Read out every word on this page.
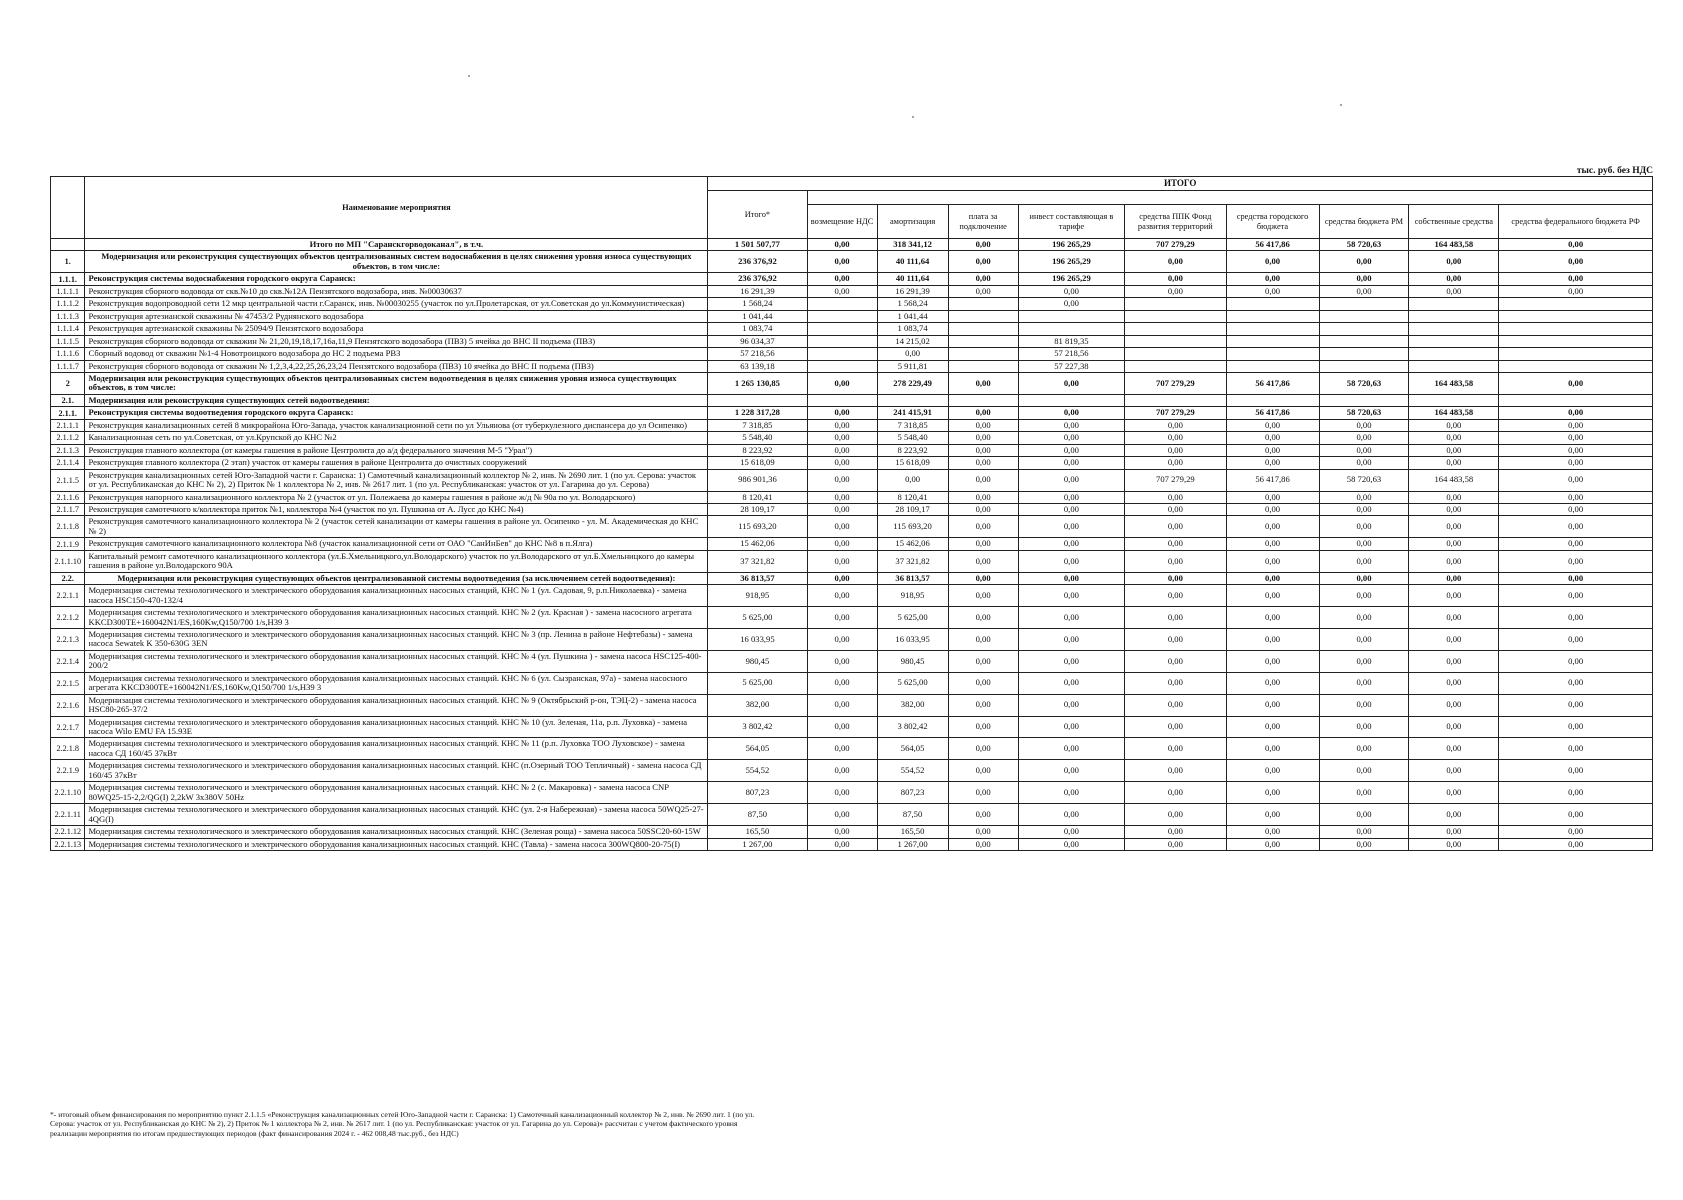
тыс. руб. без НДС
	Наименование мероприятия	ИТОГО									
		Итого*									
			возмещение НДС	амортизация	плата за подключение	инвест составляющая в тарифе	средства ППК Фонд развития территорий	средства городского бюджета	средства бюджета РМ	собственные средства	средства федерального бюджета РФ
	Итого по МП "Саранскгорводоканал", в т.ч.	1 501 507,77	0,00	318 341,12	0,00	196 265,29	707 279,29	56 417,86	58 720,63	164 483,58	0,00
1.	Модернизация или реконструкция существующих объектов централизованных систем водоснабжения в целях снижения уровня износа существующих объектов, в том числе:	236 376,92	0,00	40 111,64	0,00	196 265,29	0,00	0,00	0,00	0,00	0,00
1.1.1.	Реконструкция системы водоснабжения городского округа Саранск:	236 376,92	0,00	40 111,64	0,00	196 265,29	0,00	0,00	0,00	0,00	0,00
1.1.1.1	Реконструкция сборного водовода от скв.№10 до скв.№12А Пензятского водозабора, инв. №00030637	16 291,39	0,00	16 291,39	0,00	0,00	0,00	0,00	0,00	0,00	0,00
1.1.1.2	Реконструкция водопроводной сети 12 мкр центральной части г.Саранск, инв. №00030255 (участок по ул.Пролетарская, от ул.Советская до ул.Коммунистическая)	1 568,24		1 568,24		0,00					
1.1.1.3	Реконструкция артезианской скважины № 47453/2 Руднянского водозабора	1 041,44		1 041,44							
1.1.1.4	Реконструкция артезианской скважины № 25094/9 Пензятского водозабора	1 083,74		1 083,74							
1.1.1.5	Реконструкция сборного водовода от скважин № 21,20,19,18,17,16а,11,9 Пензятского водозабора (ПВЗ) 5 ячейка до ВНС II подъема (ПВЗ)	96 034,37		14 215,02		81 819,35					
1.1.1.6	Сборный водовод от скважин №1-4 Новотроицкого водозабора до НС 2 подъема РВЗ	57 218,56		0,00		57 218,56					
1.1.1.7	Реконструкция сборного водовода от скважин № 1,2,3,4,22,25,26,23,24 Пензятского водозабора (ПВЗ) 10 ячейка до ВНС II подъема (ПВЗ)	63 139,18		5 911,81		57 227,38					
2	Модернизация или реконструкция существующих объектов централизованных систем водоотведения в целях снижения уровня износа существующих объектов, в том числе:	1 265 130,85	0,00	278 229,49	0,00	0,00	707 279,29	56 417,86	58 720,63	164 483,58	0,00
2.1.	Модернизация или реконструкция существующих сетей водоотведения:										
2.1.1.	Реконструкция системы водоотведения городского округа Саранск:	1 228 317,28	0,00	241 415,91	0,00	0,00	707 279,29	56 417,86	58 720,63	164 483,58	0,00
2.1.1.1	Реконструкция канализационных сетей 8 микрорайона Юго-Запада, участок канализационной сети по ул Ульянова (от туберкулезного диспансера до ул Осипенко)	7 318,85	0,00	7 318,85	0,00	0,00	0,00	0,00	0,00	0,00	0,00
2.1.1.2	Канализационная сеть по ул.Советская, от ул.Крупской до КНС №2	5 548,40	0,00	5 548,40	0,00	0,00	0,00	0,00	0,00	0,00	0,00
2.1.1.3	Реконструкция главного коллектора (от камеры гашения в районе Центролита до а/д федерального значения М-5 "Урал")	8 223,92	0,00	8 223,92	0,00	0,00	0,00	0,00	0,00	0,00	0,00
2.1.1.4	Реконструкция главного коллектора (2 этап) участок от камеры гашения в районе Центролита до очистных сооружений	15 618,09	0,00	15 618,09	0,00	0,00	0,00	0,00	0,00	0,00	0,00
2.1.1.5	Реконструкция канализационных сетей Юго-Западной части г. Саранска: 1) Самотечный канализационный коллектор № 2, инв. № 2690 лит. 1 (по ул. Серова: участок от ул. Республиканская до КНС № 2), 2) Приток № 1 коллектора № 2, инв. № 2617 лит. 1 (по ул. Республиканская: участок от ул. Гагарина до ул. Серова)	986 901,36	0,00	0,00	0,00	0,00	707 279,29	56 417,86	58 720,63	164 483,58	0,00
2.1.1.6	Реконструкция напорного канализационного коллектора № 2 (участок от ул. Полежаева до камеры гашения в районе ж/д № 90а по ул. Володарского)	8 120,41	0,00	8 120,41	0,00	0,00	0,00	0,00	0,00	0,00	0,00
2.1.1.7	Реконструкция самотечного к/коллектора приток №1, коллектора №4 (участок по ул. Пушкина от А. Лусс до КНС №4)	28 109,17	0,00	28 109,17	0,00	0,00	0,00	0,00	0,00	0,00	0,00
2.1.1.8	Реконструкция самотечного канализационного коллектора № 2 (участок сетей канализации от камеры гашения в районе ул. Осипенко - ул. М. Академическая до КНС № 2)	115 693,20	0,00	115 693,20	0,00	0,00	0,00	0,00	0,00	0,00	0,00
2.1.1.9	Реконструкция самотечного канализационного коллектора №8 (участок канализационной сети от ОАО "СанИнБев" до КНС №8 в п.Ялга)	15 462,06	0,00	15 462,06	0,00	0,00	0,00	0,00	0,00	0,00	0,00
2.1.1.10	Капитальный ремонт самотечного канализационного коллектора (ул.Б.Хмельницкого,ул.Володарского) участок по ул.Володарского от ул.Б.Хмельницкого до камеры гашения в районе ул.Володарского 90А	37 321,82	0,00	37 321,82	0,00	0,00	0,00	0,00	0,00	0,00	0,00
2.2.	Модернизация или реконструкция существующих объектов централизованной системы водоотведения (за исключением сетей водоотведения):	36 813,57	0,00	36 813,57	0,00	0,00	0,00	0,00	0,00	0,00	0,00
2.2.1.1	Модернизация системы технологического и электрического оборудования канализационных насосных станций, КНС № 1 (ул. Садовая, 9, р.п.Николаевка) - замена насоса HSC150-470-132/4	918,95	0,00	918,95	0,00	0,00	0,00	0,00	0,00	0,00	0,00
2.2.1.2	Модернизация системы технологического и электрического оборудования канализационных насосных станций. КНС № 2 (ул. Красная ) - замена насосного агрегата KKCD300TE+160042N1/ES,160Kw,Q150/700 1/s,H39 3	5 625,00	0,00	5 625,00	0,00	0,00	0,00	0,00	0,00	0,00	0,00
2.2.1.3	Модернизация системы технологического и электрического оборудования канализационных насосных станций. КНС № 3 (пр. Ленина в районе Нефтебазы) - замена насоса Sewatek K 350-630G 3EN	16 033,95	0,00	16 033,95	0,00	0,00	0,00	0,00	0,00	0,00	0,00
2.2.1.4	Модернизация системы технологического и электрического оборудования канализационных насосных станций. КНС № 4 (ул. Пушкина ) - замена насоса HSC125-400-200/2	980,45	0,00	980,45	0,00	0,00	0,00	0,00	0,00	0,00	0,00
2.2.1.5	Модернизация системы технологического и электрического оборудования канализационных насосных станций. КНС № 6 (ул. Сызранская, 97а) - замена насосного агрегата KKCD300TE+160042N1/ES,160Kw,Q150/700 1/s,H39 3	5 625,00	0,00	5 625,00	0,00	0,00	0,00	0,00	0,00	0,00	0,00
2.2.1.6	Модернизация системы технологического и электрического оборудования канализационных насосных станций. КНС № 9 (Октябрьский р-он, ТЭЦ-2) - замена насоса HSC80-265-37/2	382,00	0,00	382,00	0,00	0,00	0,00	0,00	0,00	0,00	0,00
2.2.1.7	Модернизация системы технологического и электрического оборудования канализационных насосных станций. КНС № 10 (ул. Зеленая, 11а, р.п. Луховка) - замена насоса Wilo EMU FA 15.93E	3 802,42	0,00	3 802,42	0,00	0,00	0,00	0,00	0,00	0,00	0,00
2.2.1.8	Модернизация системы технологического и электрического оборудования канализационных насосных станций. КНС № 11 (р.п. Луховка ТОО Луховское) - замена насоса СД 160/45 37кВт	564,05	0,00	564,05	0,00	0,00	0,00	0,00	0,00	0,00	0,00
2.2.1.9	Модернизация системы технологического и электрического оборудования канализационных насосных станций. КНС (п.Озерный ТОО Тепличный) - замена насоса СД 160/45 37кВт	554,52	0,00	554,52	0,00	0,00	0,00	0,00	0,00	0,00	0,00
2.2.1.10	Модернизация системы технологического и электрического оборудования канализационных насосных станций. КНС № 2 (с. Макаровка) - замена насоса CNP 80WQ25-15-2,2/QG(I) 2,2kW 3x380V 50Hz	807,23	0,00	807,23	0,00	0,00	0,00	0,00	0,00	0,00	0,00
2.2.1.11	Модернизация системы технологического и электрического оборудования канализационных насосных станций. КНС (ул. 2-я Набережная) - замена насоса 50WQ25-27-4QG(I)	87,50	0,00	87,50	0,00	0,00	0,00	0,00	0,00	0,00	0,00
2.2.1.12	Модернизация системы технологического и электрического оборудования канализационных насосных станций. КНС (Зеленая роща) - замена насоса 50SSC20-60-15W	165,50	0,00	165,50	0,00	0,00	0,00	0,00	0,00	0,00	0,00
2.2.1.13	Модернизация системы технологического и электрического оборудования канализационных насосных станций. КНС (Тавла) - замена насоса 300WQ800-20-75(I)	1 267,00	0,00	1 267,00	0,00	0,00	0,00	0,00	0,00	0,00	0,00
*- итоговый объем финансирования по мероприятию пункт 2.1.1.5 «Реконструкция канализационных сетей Юго-Западной части г. Саранска: 1) Самотечный канализационный коллектор № 2, инв. № 2690 лит. 1 (по ул. Серова: участок от ул. Республиканская до КНС № 2), 2) Приток № 1 коллектора № 2, инв. № 2617 лит. 1 (по ул. Республиканская: участок от ул. Гагарина до ул. Серова)» рассчитан с учетом фактического уровня реализации мероприятия по итогам предшествующих периодов (факт финансирования 2024 г. - 462 008,48 тыс.руб., без НДС)
